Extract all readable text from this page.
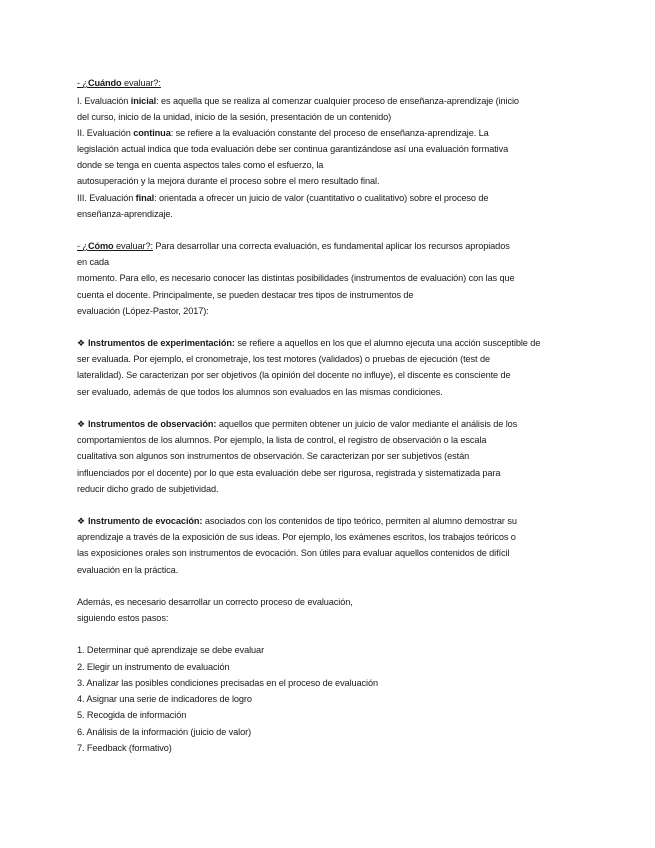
- ¿Cuándo evaluar?:
I. Evaluación inicial: es aquella que se realiza al comenzar cualquier proceso de enseñanza-aprendizaje (inicio
del curso, inicio de la unidad, inicio de la sesión, presentación de un contenido)
II. Evaluación continua: se refiere a la evaluación constante del proceso de enseñanza-aprendizaje. La
legislación actual indica que toda evaluación debe ser continua garantizándose así una evaluación formativa
donde se tenga en cuenta aspectos tales como el esfuerzo, la
autosuperación y la mejora durante el proceso sobre el mero resultado final.
III. Evaluación final: orientada a ofrecer un juicio de valor (cuantitativo o cualitativo) sobre el proceso de
enseñanza-aprendizaje.
- ¿Cómo evaluar?: Para desarrollar una correcta evaluación, es fundamental aplicar los recursos apropiados
en cada
momento. Para ello, es necesario conocer las distintas posibilidades (instrumentos de evaluación) con las que
cuenta el docente. Principalmente, se pueden destacar tres tipos de instrumentos de
evaluación (López-Pastor, 2017):
❖ Instrumentos de experimentación: se refiere a aquellos en los que el alumno ejecuta una acción susceptible de
ser evaluada. Por ejemplo, el cronometraje, los test motores (validados) o pruebas de ejecución (test de
lateralidad). Se caracterizan por ser objetivos (la opinión del docente no influye), el discente es consciente de
ser evaluado, además de que todos los alumnos son evaluados en las mismas condiciones.
❖ Instrumentos de observación: aquellos que permiten obtener un juicio de valor mediante el análisis de los
comportamientos de los alumnos. Por ejemplo, la lista de control, el registro de observación o la escala
cualitativa son algunos son instrumentos de observación. Se caracterizan por ser subjetivos (están
influenciados por el docente) por lo que esta evaluación debe ser rigurosa, registrada y sistematizada para
reducir dicho grado de subjetividad.
❖ Instrumento de evocación: asociados con los contenidos de tipo teórico, permiten al alumno demostrar su
aprendizaje a través de la exposición de sus ideas. Por ejemplo, los exámenes escritos, los trabajos teóricos o
las exposiciones orales son instrumentos de evocación. Son útiles para evaluar aquellos contenidos de difícil
evaluación en la práctica.
Además, es necesario desarrollar un correcto proceso de evaluación,
siguiendo estos pasos:
1. Determinar qué aprendizaje se debe evaluar
2. Elegir un instrumento de evaluación
3. Analizar las posibles condiciones precisadas en el proceso de evaluación
4. Asignar una serie de indicadores de logro
5. Recogida de información
6. Análisis de la información (juicio de valor)
7. Feedback (formativo)
